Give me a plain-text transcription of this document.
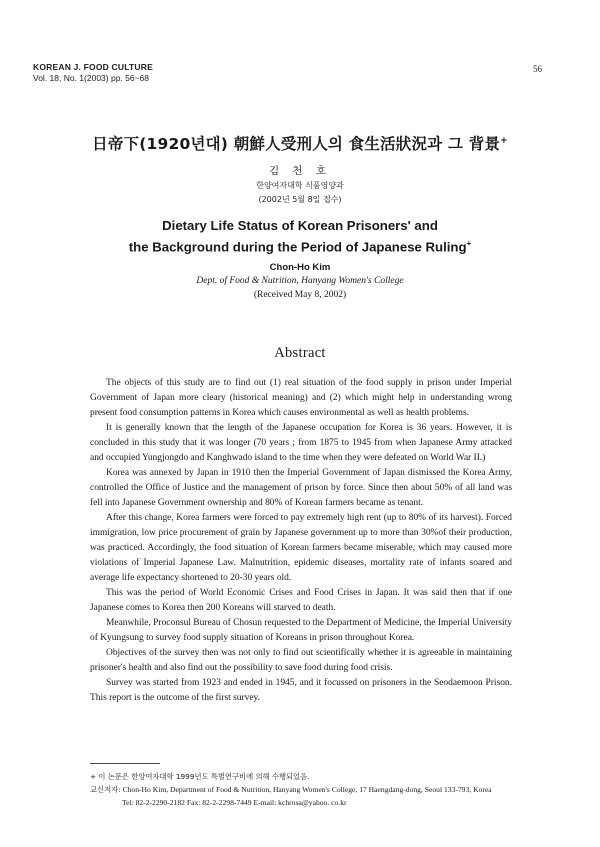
KOREAN J. FOOD CULTURE
Vol. 18, No. 1(2003) pp. 56~68
56
日帝下(1920년대) 朝鮮人受刑人의 食生活狀況과 그 背景+
김 천 호
한양여자대학 식품영양과
(2002년 5월 8일 접수)
Dietary Life Status of Korean Prisoners' and
the Background during the Period of Japanese Ruling+
Chon-Ho Kim
Dept. of Food & Nutrition, Hanyang Women's College
(Received May 8, 2002)
Abstract

The objects of this study are to find out (1) real situation of the food supply in prison under Imperial Government of Japan more cleary (historical meaning) and (2) which might help in understanding wrong present food consumption patterns in Korea which causes environmental as well as health problems.

It is generally known that the length of the Japanese occupation for Korea is 36 years. However, it is concluded in this study that it was longer (70 years ; from 1875 to 1945 from when Japanese Army attacked and occupied Yungjongdo and Kanghwado island to the time when they were defeated on World War II.)

Korea was annexed by Japan in 1910 then the Imperial Government of Japan dismissed the Korea Army, controlled the Office of Justice and the management of prison by force. Since then about 50% of all land was fell into Japanese Government ownership and 80% of Korean farmers became as tenant.

After this change, Korea farmers were forced to pay extremely high rent (up to 80% of its harvest). Forced immigration, low price procurement of grain by Japanese government up to more than 30%of their production, was practiced. Accordingly, the food situation of Korean farmers became miserable, which may caused more violations of Imperial Japanese Law. Malnutrition, epidemic diseases, mortality rate of infants soared and average life expectancy shortened to 20-30 years old.

This was the period of World Economic Crises and Food Crises in Japan. It was said then that if one Japanese comes to Korea then 200 Koreans will starved to death.

Meanwhile, Proconsul Bureau of Chosun requested to the Department of Medicine, the Imperial University of Kyungsung to survey food supply situation of Koreans in prison throughout Korea.

Objectives of the survey then was not only to find out scientifically whether it is agreeable in maintaining prisoner's health and also find out the possibility to save food during food crisis.

Survey was started from 1923 and ended in 1945, and it focussed on prisoners in the Seodaemoon Prison. This report is the outcome of the first survey.

+ 이 논문은 한양여자대학 1999년도 특별연구비에 의해 수행되었음.
교신저자: Chon-Ho Kim, Department of Food & Nutrition, Hanyang Women's College, 17 Haengdang-dong, Seoul 133-793, Korea
Tel: 82-2-2290-2182 Fax: 82-2-2298-7449 E-mail: kchrosa@yahoo. co.kr
